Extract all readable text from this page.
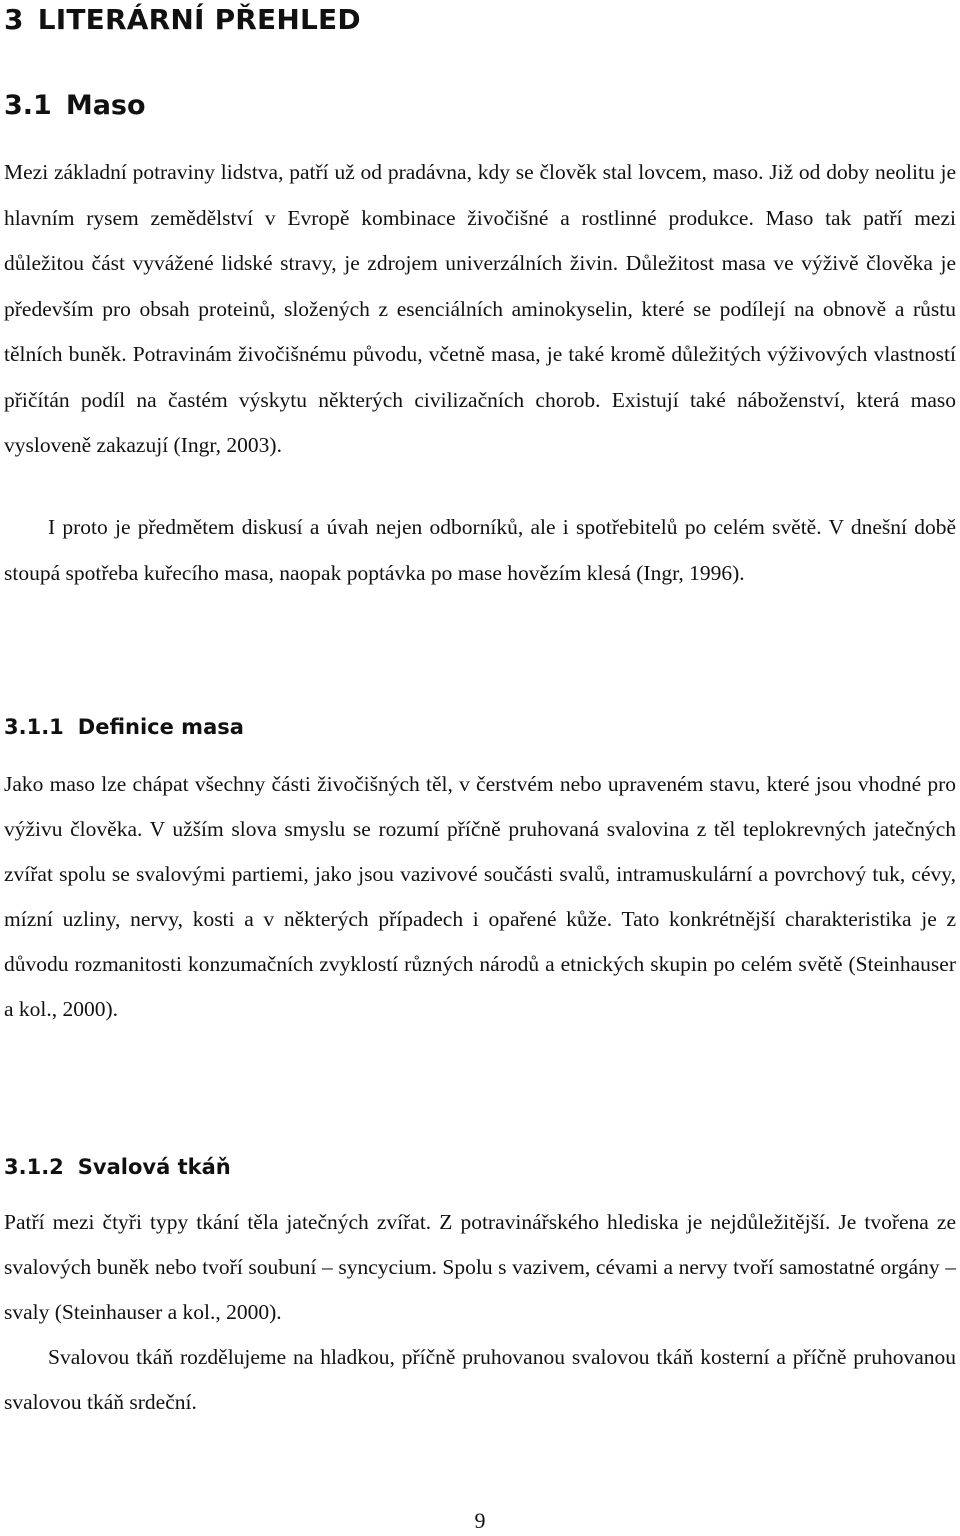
3 LITERÁRNÍ PŘEHLED
3.1 Maso

Mezi základní potraviny lidstva, patří už od pradávna, kdy se člověk stal lovcem, maso. Již od doby neolitu je hlavním rysem zemědělství v Evropě kombinace živočišné a rostlinné produkce. Maso tak patří mezi důležitou část vyvážené lidské stravy, je zdrojem univerzálních živin. Důležitost masa ve výživě člověka je především pro obsah proteinů, složených z esenciálních aminokyselin, které se podílejí na obnově a růstu tělních buněk. Potravinám živočišnému původu, včetně masa, je také kromě důležitých výživových vlastností přičítán podíl na častém výskytu některých civilizačních chorob. Existují také náboženství, která maso vysloveně zakazují (Ingr, 2003).

I proto je předmětem diskusí a úvah nejen odborníků, ale i spotřebitelů po celém světě. V dnešní době stoupá spotřeba kuřecího masa, naopak poptávka po mase hovězím klesá (Ingr, 1996).

3.1.1 Definice masa

Jako maso lze chápat všechny části živočišných těl, v čerstvém nebo upraveném stavu, které jsou vhodné pro výživu člověka. V užším slova smyslu se rozumí příčně pruhovaná svalovina z těl teplokrevných jatečných zvířat spolu se svalovými partiemi, jako jsou vazivové součásti svalů, intramuskulární a povrchový tuk, cévy, mízní uzliny, nervy, kosti a v některých případech i opařené kůže. Tato konkrétnější charakteristika je z důvodu rozmanitosti konzumačních zvyklostí různých národů a etnických skupin po celém světě (Steinhauser a kol., 2000).

3.1.2 Svalová tkáň

Patří mezi čtyři typy tkání těla jatečných zvířat. Z potravinářského hlediska je nejdůležitější. Je tvořena ze svalových buněk nebo tvoří soubuní – syncycium. Spolu s vazivem, cévami a nervy tvoří samostatné orgány – svaly (Steinhauser a kol., 2000).

Svalovou tkáň rozdělujeme na hladkou, příčně pruhovanou svalovou tkáň kosterní a příčně pruhovanou svalovou tkáň srdeční.

9
